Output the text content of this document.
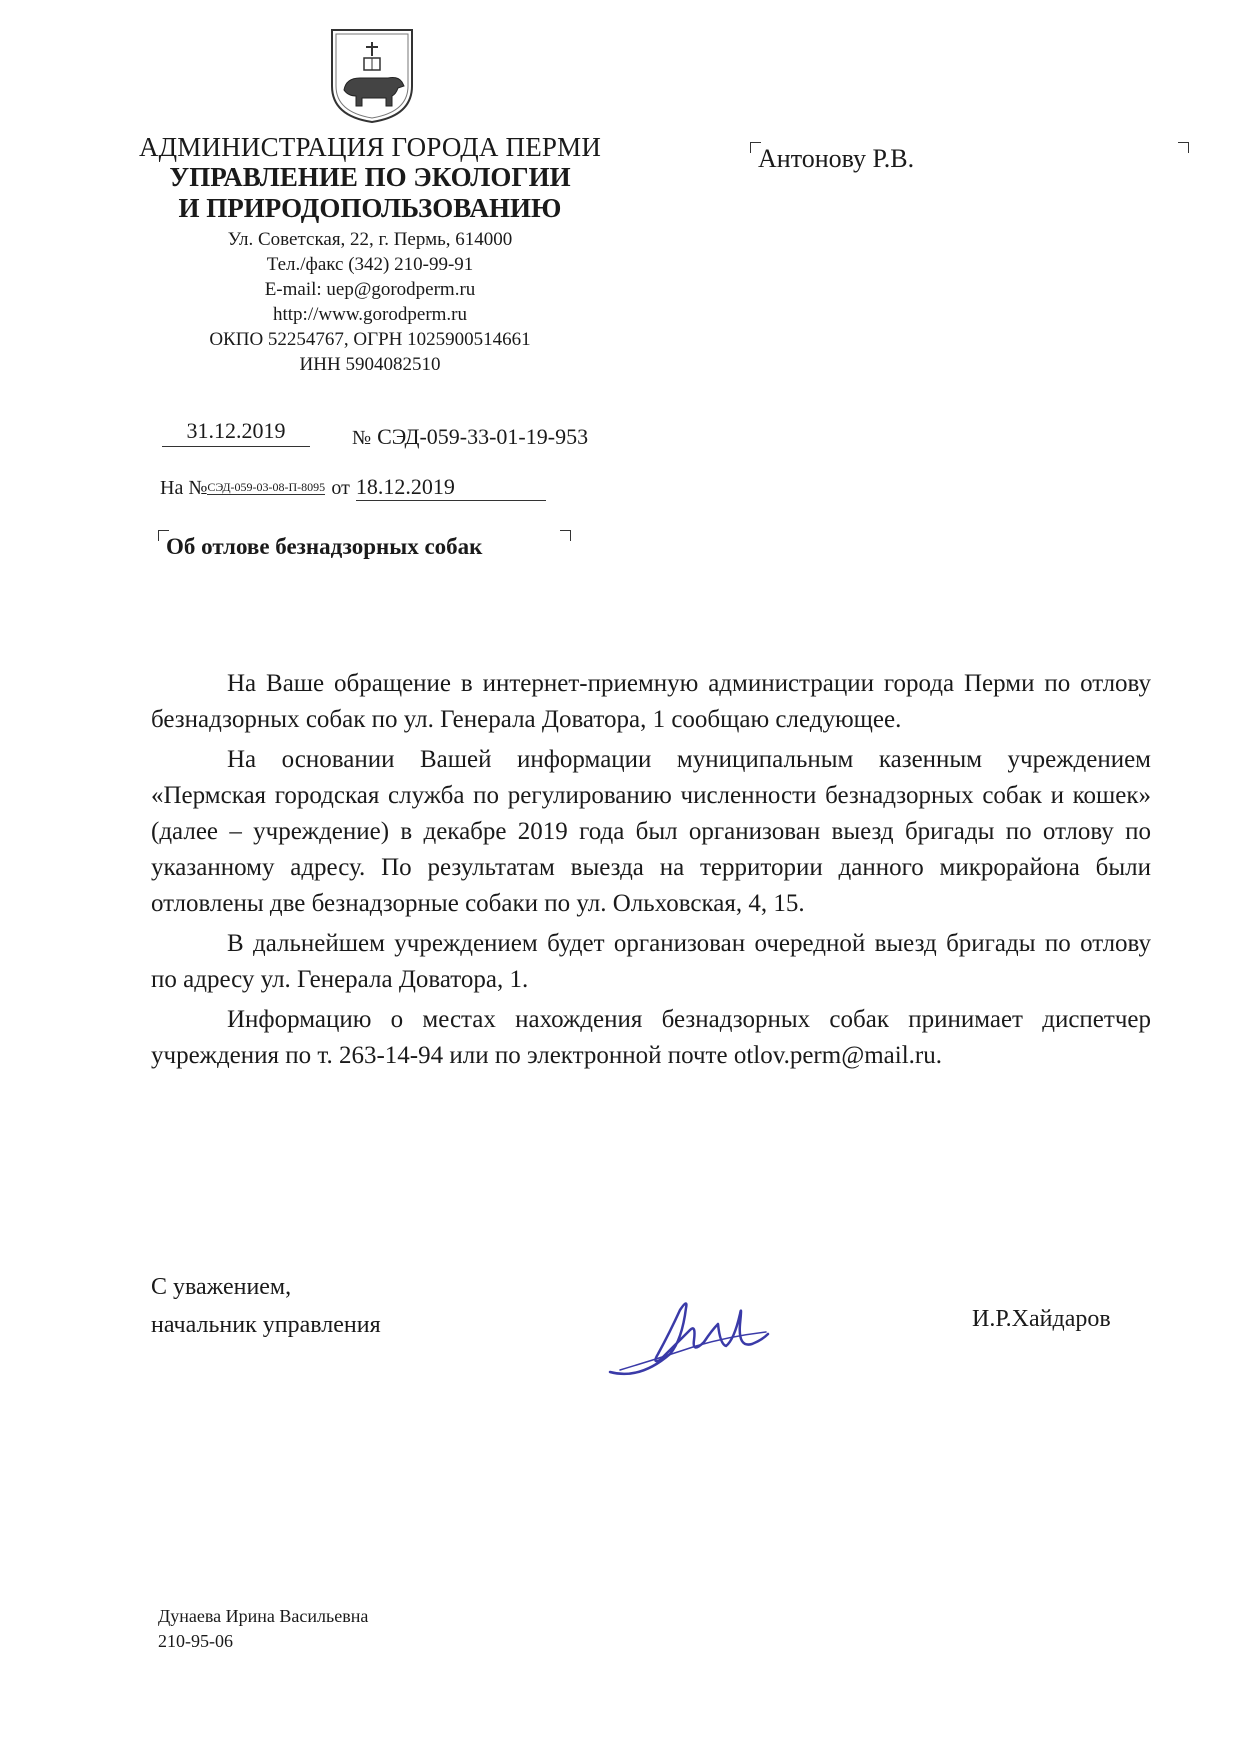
АДМИНИСТРАЦИЯ ГОРОДА ПЕРМИ
УПРАВЛЕНИЕ ПО ЭКОЛОГИИ
И ПРИРОДОПОЛЬЗОВАНИЮ
Ул. Советская, 22, г. Пермь, 614000
Тел./факс (342) 210-99-91
E-mail: uep@gorodperm.ru
http://www.gorodperm.ru
ОКПО 52254767, ОГРН 1025900514661
ИНН 5904082510
Антонову Р.В.
31.12.2019	№ СЭД-059-33-01-19-953
На №СЭД-059-03-08-П-8095 от 18.12.2019
Об отлове безнадзорных собак

На Ваше обращение в интернет-приемную администрации города Перми по отлову безнадзорных собак по ул. Генерала Доватора, 1 сообщаю следующее.

На основании Вашей информации муниципальным казенным учреждением «Пермская городская служба по регулированию численности безнадзорных собак и кошек» (далее – учреждение) в декабре 2019 года был организован выезд бригады по отлову по указанному адресу. По результатам выезда на территории данного микрорайона были отловлены две безнадзорные собаки по ул. Ольховская, 4, 15.

В дальнейшем учреждением будет организован очередной выезд бригады по отлову по адресу ул. Генерала Доватора, 1.

Информацию о местах нахождения безнадзорных собак принимает диспетчер учреждения по т. 263-14-94 или по электронной почте otlov.perm@mail.ru.

С уважением,
начальник управления	И.Р.Хайдаров
Дунаева Ирина Васильевна
210-95-06
